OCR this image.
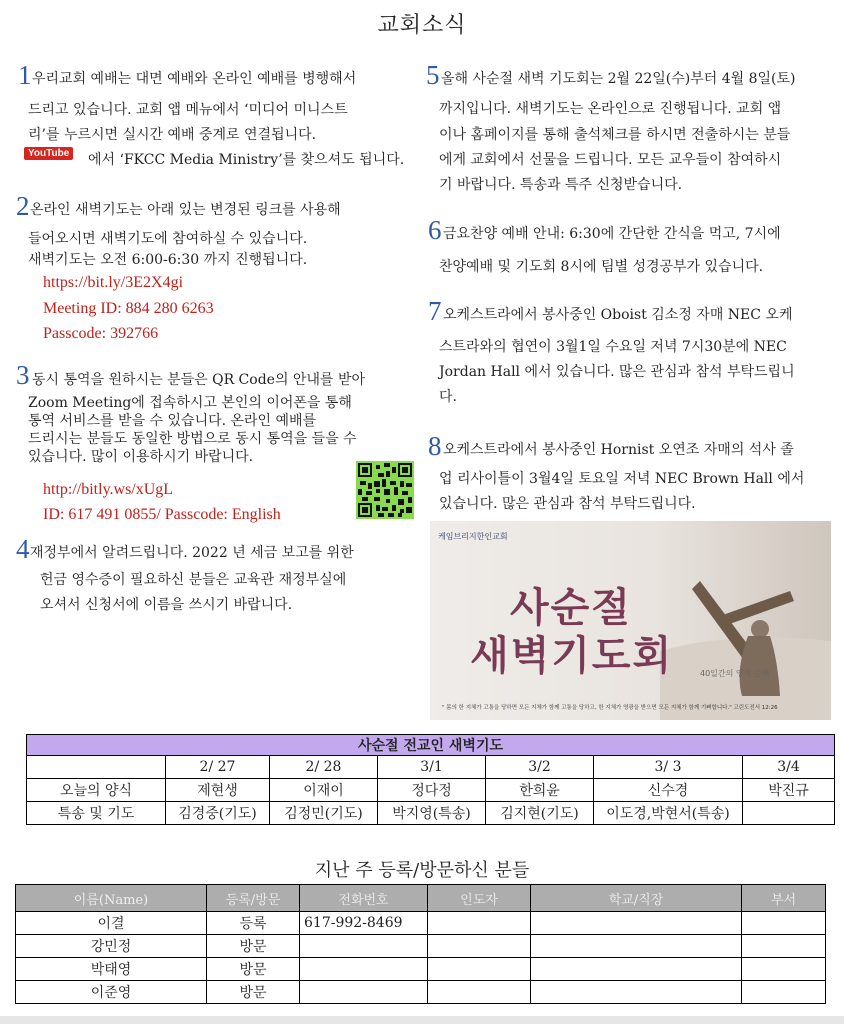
교회소식
1 우리교회 예배는 대면 예배와 온라인 예배를 병행해서
드리고 있습니다. 교회 앱 메뉴에서 ‘미디어 미니스트
리’를 누르시면 실시간 예배 중계로 연결됩니다.
YouTube 에서 ‘FKCC Media Ministry’를 찾으셔도 됩니다.
2 온라인 새벽기도는 아래 있는 변경된 링크를 사용해
들어오시면 새벽기도에 참여하실 수 있습니다.
새벽기도는 오전 6:00-6:30 까지 진행됩니다.
https://bit.ly/3E2X4gi
Meeting ID: 884 280 6263
Passcode: 392766
3 동시 통역을 원하시는 분들은 QR Code의 안내를 받아
Zoom Meeting에 접속하시고 본인의 이어폰을 통해
통역 서비스를 받을 수 있습니다. 온라인 예배를
드리시는 분들도 동일한 방법으로 동시 통역을 들을 수
있습니다. 많이 이용하시기 바랍니다.
http://bitly.ws/xUgL
ID: 617 491 0855/ Passcode: English
4 재정부에서 알려드립니다. 2022 년 세금 보고를 위한
헌금 영수증이 필요하신 분들은 교육관 재정부실에
오셔서 신청서에 이름을 쓰시기 바랍니다.
5 올해 사순절 새벽 기도회는 2월 22일(수)부터 4월 8일(토)
까지입니다. 새벽기도는 온라인으로 진행됩니다. 교회 앱
이나 홈페이지를 통해 출석체크를 하시면 전출하시는 분들
에게 교회에서 선물을 드립니다. 모든 교우들이 참여하시
기 바랍니다. 특송과 특주 신청받습니다.
6 금요찬양 예배 안내: 6:30에 간단한 간식을 먹고, 7시에
찬양예배 및 기도회 8시에 팀별 성경공부가 있습니다.
7 오케스트라에서 봉사중인 Oboist 김소정 자매 NEC 오케
스트라와의 협연이 3월1일 수요일 저녁 7시30분에 NEC
Jordan Hall 에서 있습니다. 많은 관심과 참석 부탁드립니
다.
8 오케스트라에서 봉사중인 Hornist 오연조 자매의 석사 졸
업 리사이틀이 3월4일 토요일 저녁 NEC Brown Hall 에서
있습니다. 많은 관심과 참석 부탁드립니다.
케임브리지한인교회
사순절
새벽기도회	40일간의 영적 순례
" 몸의 한 지체가 고통을 당하면 모든 지체가 함께 고통을 당하고, 한 지체가 영광을 받으면 모든 지체가 함께 기뻐합니다." 고린도전서 12:26
사순절 전교인 새벽기도						
	2/ 27	2/ 28	3/1	3/2	3/ 3	3/4
오늘의 양식	제현생	이재이	정다정	한희윤	신수경	박진규
특송 및 기도	김경중(기도)	김정민(기도)	박지영(특송)	김지현(기도)	이도경,박현서(특송)	
지난 주 등록/방문하신 분들
이름(Name)	등록/방문	전화번호	인도자	학교/직장	부서
이결	등록	617-992-8469			
강민정	방문				
박태영	방문				
이준영	방문				
